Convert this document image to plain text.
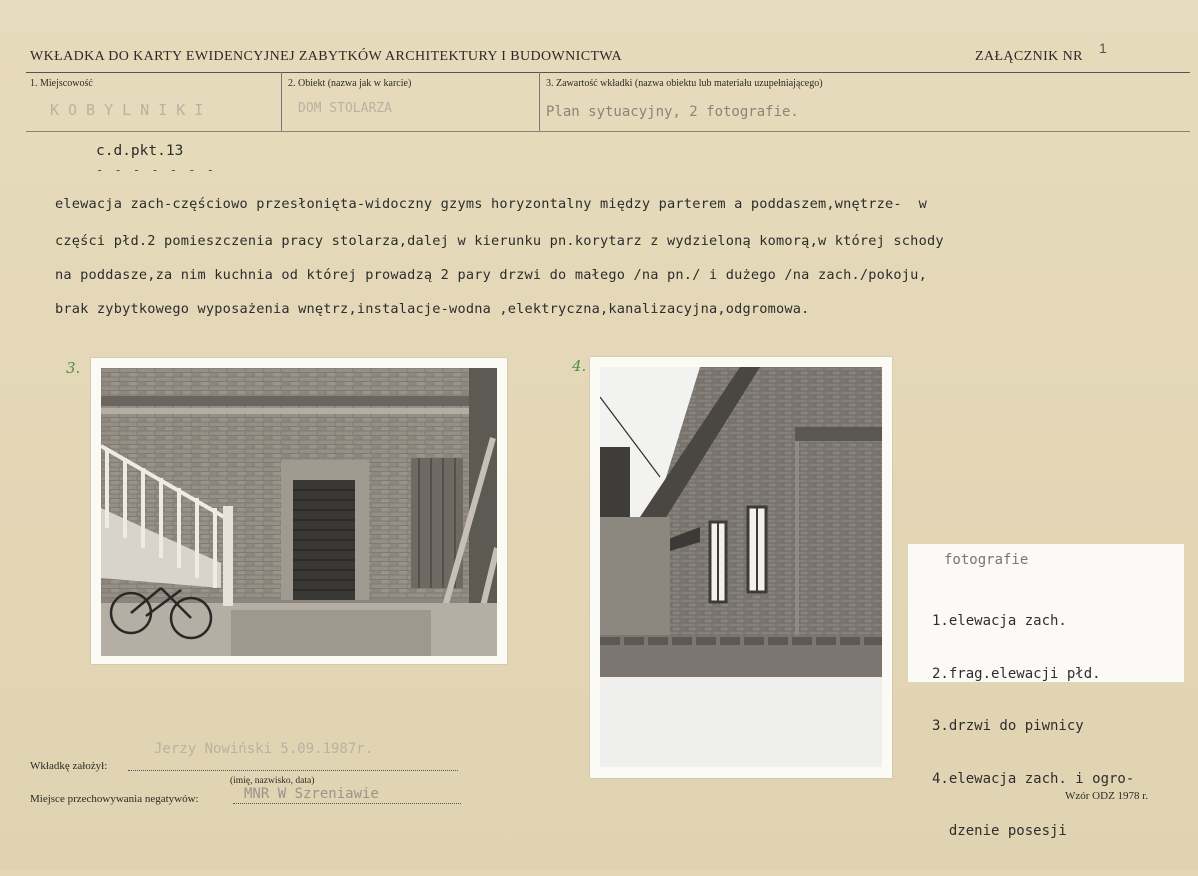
WKŁADKA DO KARTY EWIDENCYJNEJ ZABYTKÓW ARCHITEKTURY I BUDOWNICTWA	ZAŁĄCZNIK NR
1
1. Miejscowość
KOBYLNIKI
2. Obiekt (nazwa jak w karcie)
DOM STOLARZA
3. Zawartość wkładki (nazwa obiektu lub materiału uzupełniającego)
Plan sytuacyjny, 2 fotografie.
c.d.pkt.13
- - - - - - -
elewacja zach-częściowo przesłonięta-widoczny gzyms horyzontalny między parterem a poddaszem,wnętrze-  w
części płd.2 pomieszczenia pracy stolarza,dalej w kierunku pn.korytarz z wydzieloną komorą,w której schody
na poddasze,za nim kuchnia od której prowadzą 2 pary drzwi do małego /na pn./ i dużego /na zach./pokoju,
brak zybytkowego wyposażenia wnętrz,instalacje-wodna ,elektryczna,kanalizacyjna,odgromowa.
3.	4.
fotografie

1.elewacja zach.

2.frag.elewacji płd.

3.drzwi do piwnicy

4.elewacja zach. i ogro-

dzenie posesji

Wkładkę założył:
Jerzy Nowiński 5.09.1987r.
(imię, nazwisko, data)
Miejsce przechowywania negatywów:	MNR W Szreniawie	Wzór ODZ 1978 r.
